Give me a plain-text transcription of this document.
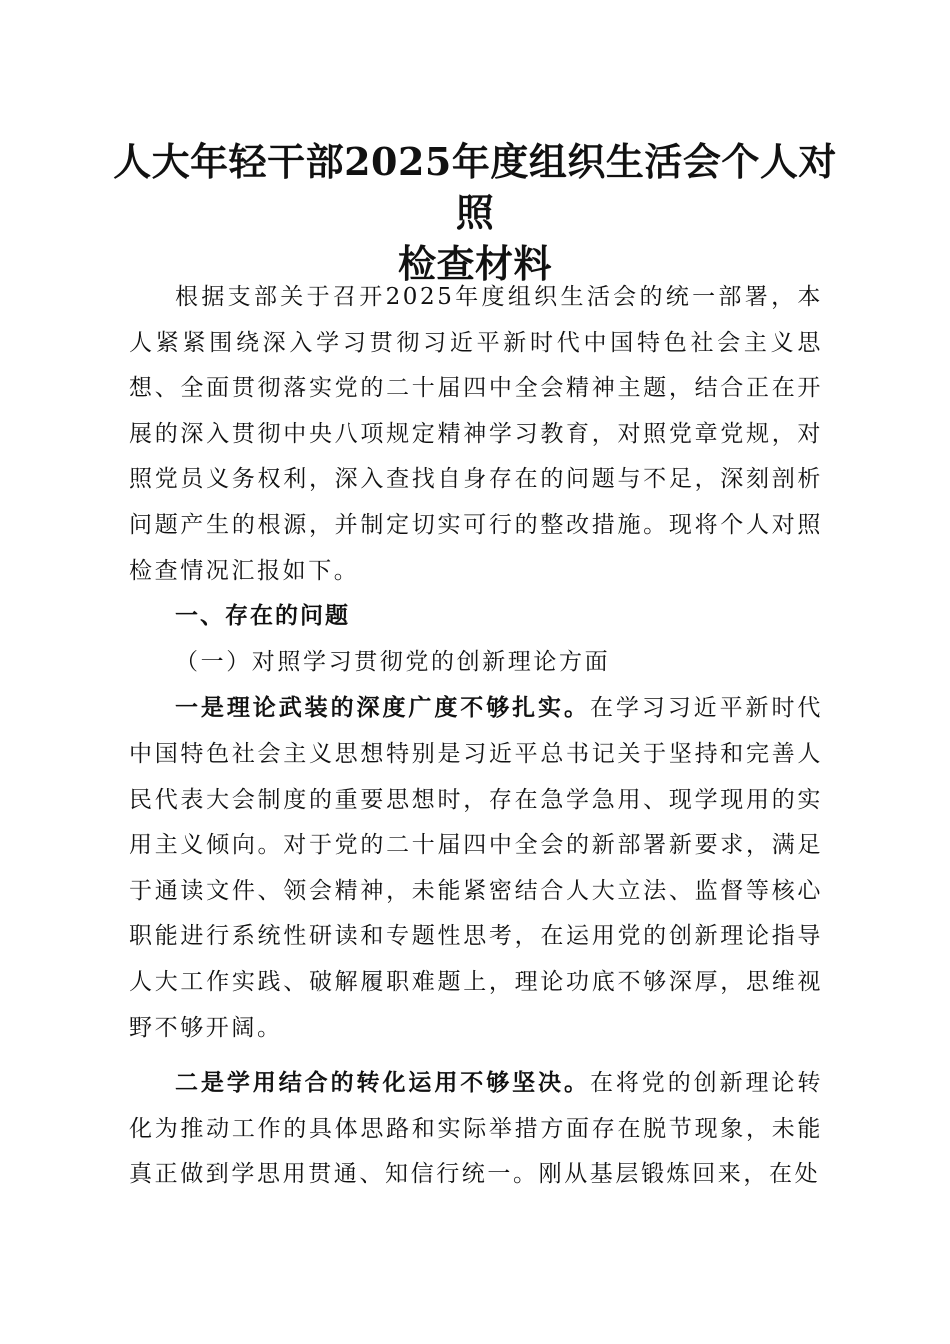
人大年轻干部2025年度组织生活会个人对照
检查材料

根据支部关于召开2025年度组织生活会的统一部署，本人紧紧围绕深入学习贯彻习近平新时代中国特色社会主义思想、全面贯彻落实党的二十届四中全会精神主题，结合正在开展的深入贯彻中央八项规定精神学习教育，对照党章党规，对照党员义务权利，深入查找自身存在的问题与不足，深刻剖析问题产生的根源，并制定切实可行的整改措施。现将个人对照检查情况汇报如下。

一、存在的问题

（一）对照学习贯彻党的创新理论方面

一是理论武装的深度广度不够扎实。在学习习近平新时代中国特色社会主义思想特别是习近平总书记关于坚持和完善人民代表大会制度的重要思想时，存在急学急用、现学现用的实用主义倾向。对于党的二十届四中全会的新部署新要求，满足于通读文件、领会精神，未能紧密结合人大立法、监督等核心职能进行系统性研读和专题性思考，在运用党的创新理论指导人大工作实践、破解履职难题上，理论功底不够深厚，思维视野不够开阔。

二是学用结合的转化运用不够坚决。在将党的创新理论转化为推动工作的具体思路和实际举措方面存在脱节现象，未能真正做到学思用贯通、知信行统一。刚从基层锻炼回来，在处
